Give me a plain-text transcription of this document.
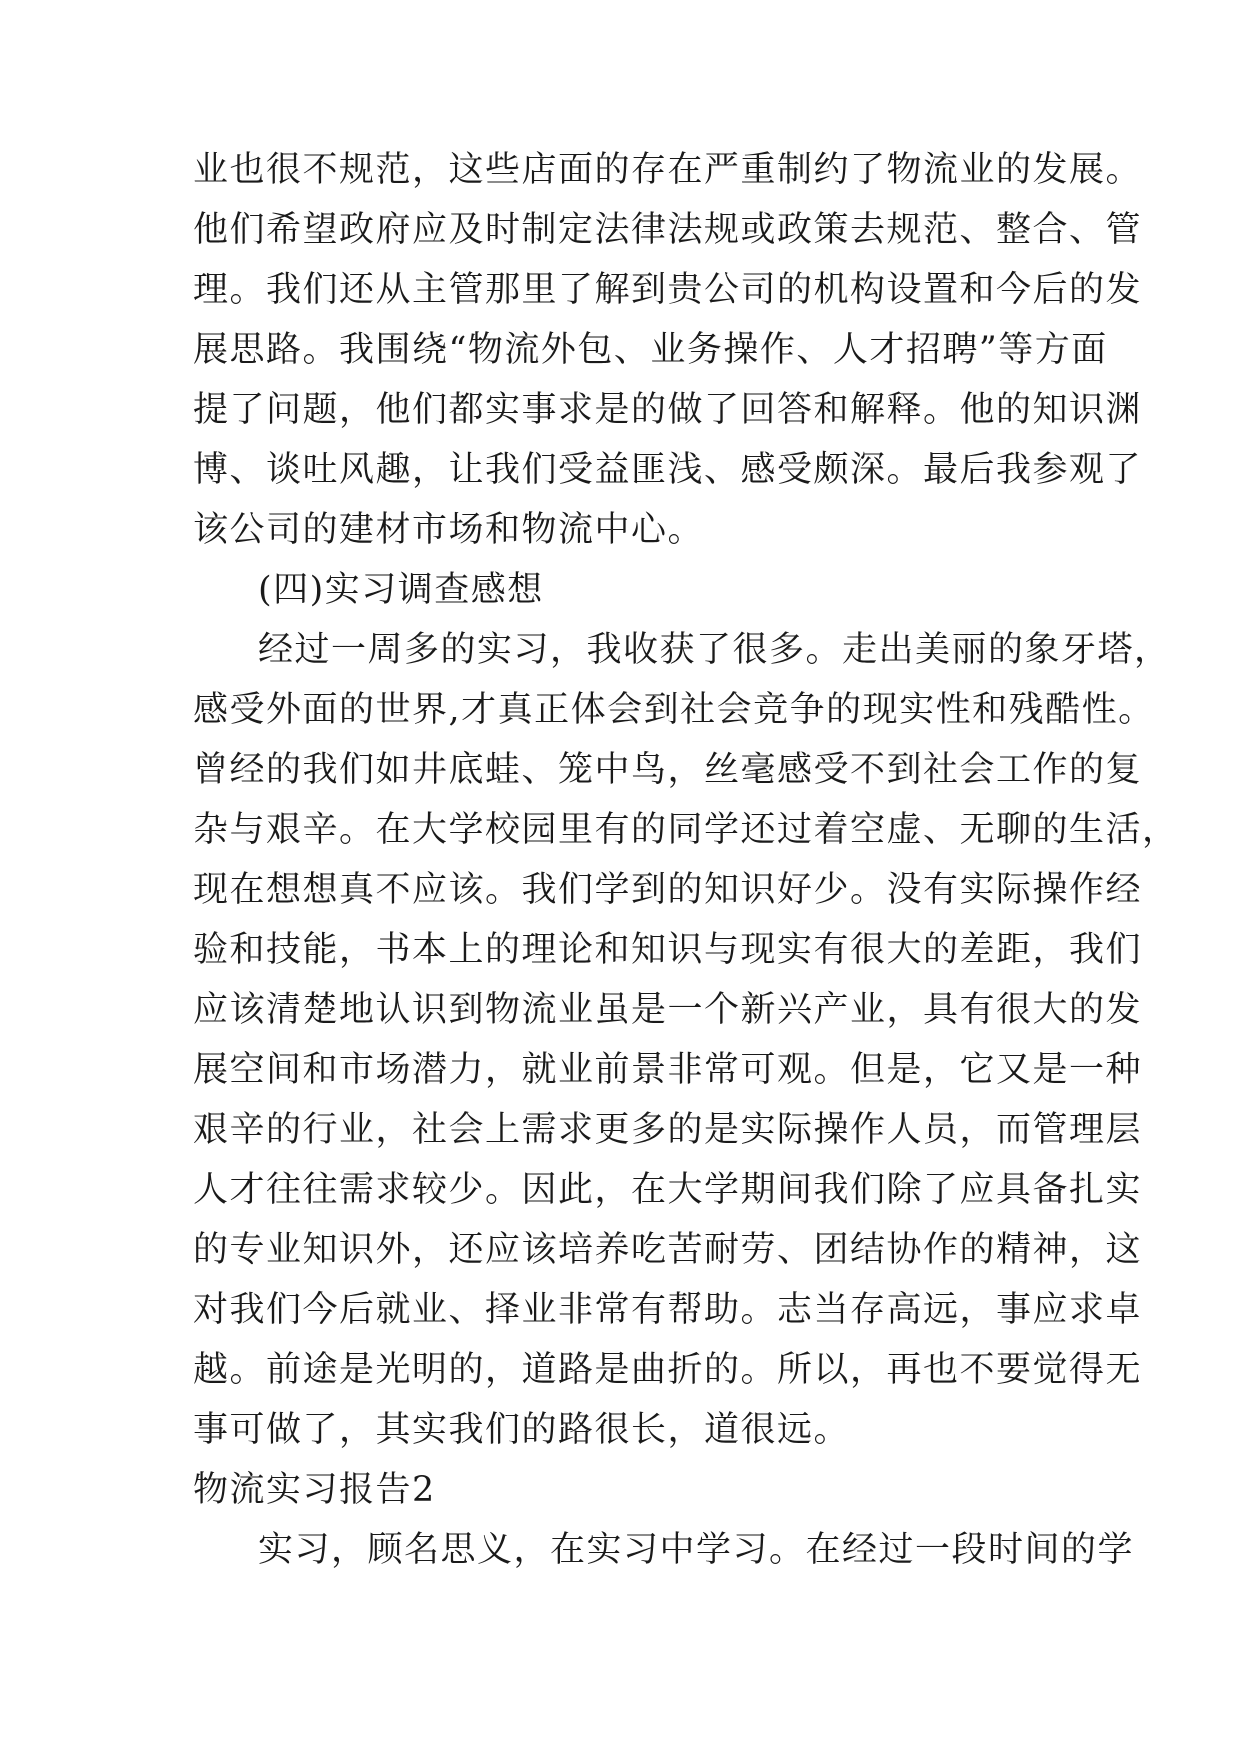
业也很不规范，这些店面的存在严重制约了物流业的发展。
他们希望政府应及时制定法律法规或政策去规范、整合、管
理。我们还从主管那里了解到贵公司的机构设置和今后的发
展思路。我围绕“物流外包、业务操作、人才招聘”等方面
提了问题，他们都实事求是的做了回答和解释。他的知识渊
博、谈吐风趣，让我们受益匪浅、感受颇深。最后我参观了
该公司的建材市场和物流中心。
(四)实习调查感想
经过一周多的实习，我收获了很多。走出美丽的象牙塔，
感受外面的世界,才真正体会到社会竞争的现实性和残酷性。
曾经的我们如井底蛙、笼中鸟，丝毫感受不到社会工作的复
杂与艰辛。在大学校园里有的同学还过着空虚、无聊的生活，
现在想想真不应该。我们学到的知识好少。没有实际操作经
验和技能，书本上的理论和知识与现实有很大的差距，我们
应该清楚地认识到物流业虽是一个新兴产业，具有很大的发
展空间和市场潜力，就业前景非常可观。但是，它又是一种
艰辛的行业，社会上需求更多的是实际操作人员，而管理层
人才往往需求较少。因此，在大学期间我们除了应具备扎实
的专业知识外，还应该培养吃苦耐劳、团结协作的精神，这
对我们今后就业、择业非常有帮助。志当存高远，事应求卓
越。前途是光明的，道路是曲折的。所以，再也不要觉得无
事可做了，其实我们的路很长，道很远。
物流实习报告2
实习，顾名思义，在实习中学习。在经过一段时间的学
